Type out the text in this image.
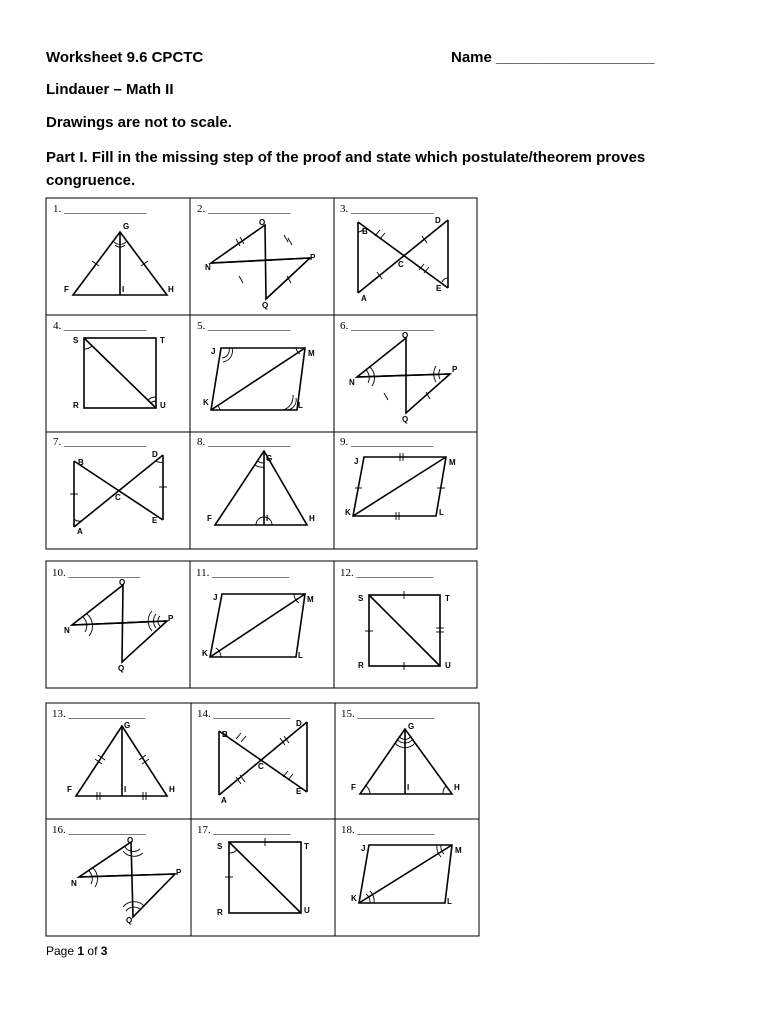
Worksheet 9.6 CPCTC	Name ___________________
Lindauer – Math II
Drawings are not to scale.
Part I. Fill in the missing step of the proof and state which postulate/theorem proves congruence.
1. _______________	2. _______________	3. _______________
4. _______________	5. _______________	6. _______________
7. _______________	8. _______________	9. _______________
10. _____________	11. ______________	12. ______________
13. ______________	14. ______________	15. ______________
16. ______________	17. ______________	18. ______________
G
F	I	H
O
N
P
Q
B
D
C
A
E
S	T
R	U
J	M
K	L
O
N
P
Q
B
D
C
A
E
G
F	I	H
J	M
K	L
O
N
P
Q
J	M
K	L
S	T
R	U
G
F	I	H
B
D
C
A
E
G
F	I	H
O
N
P
Q
S	T
R	U
J	M
K	L
Page 1 of 3
